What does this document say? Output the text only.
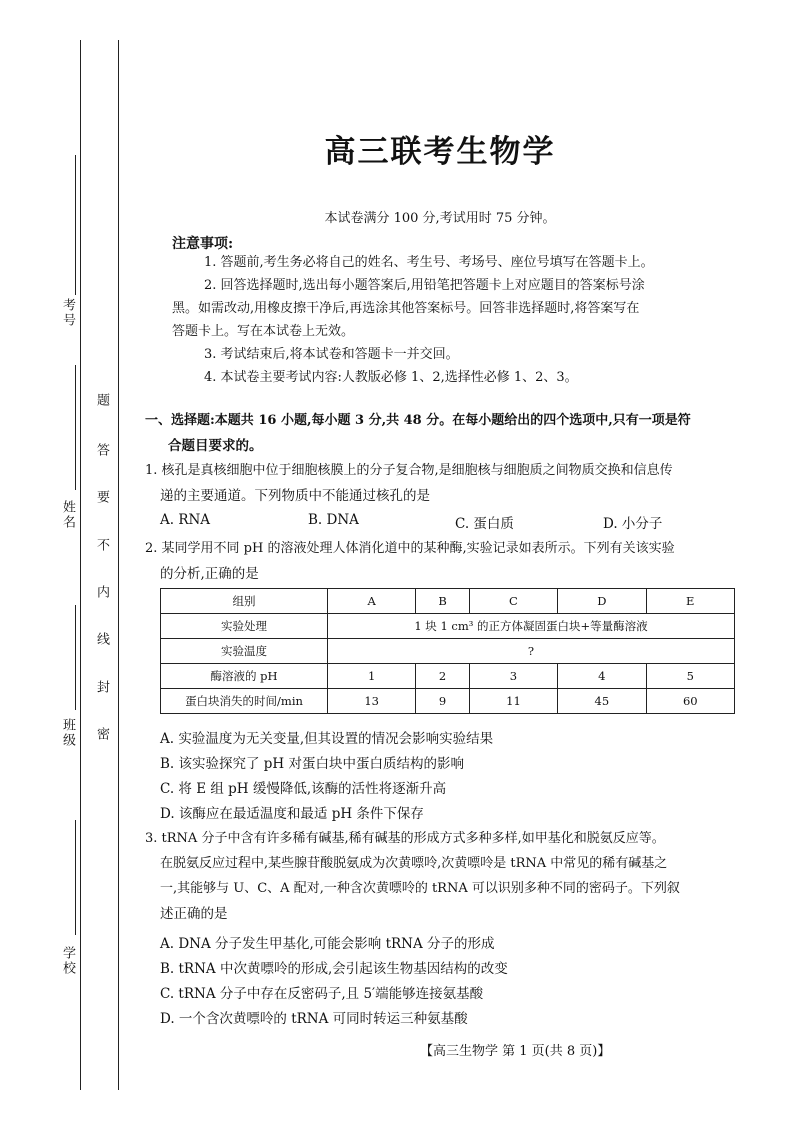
考号
姓名
班级
学校
题
答
要
不
内
线
封
密
高三联考生物学
本试卷满分 100 分,考试用时 75 分钟。
注意事项:
1. 答题前,考生务必将自己的姓名、考生号、考场号、座位号填写在答题卡上。
2. 回答选择题时,选出每小题答案后,用铅笔把答题卡上对应题目的答案标号涂
黑。如需改动,用橡皮擦干净后,再选涂其他答案标号。回答非选择题时,将答案写在
答题卡上。写在本试卷上无效。
3. 考试结束后,将本试卷和答题卡一并交回。
4. 本试卷主要考试内容:人教版必修 1、2,选择性必修 1、2、3。
一、选择题:本题共 16 小题,每小题 3 分,共 48 分。在每小题给出的四个选项中,只有一项是符
合题目要求的。
1. 核孔是真核细胞中位于细胞核膜上的分子复合物,是细胞核与细胞质之间物质交换和信息传
递的主要通道。下列物质中不能通过核孔的是
A. RNA	B. DNA	C. 蛋白质	D. 小分子
2. 某同学用不同 pH 的溶液处理人体消化道中的某种酶,实验记录如表所示。下列有关该实验
的分析,正确的是
组别	A	B	C	D	E
实验处理	1 块 1 cm³ 的正方体凝固蛋白块+等量酶溶液				
实验温度	?				
酶溶液的 pH	1	2	3	4	5
蛋白块消失的时间/min	13	9	11	45	60
A. 实验温度为无关变量,但其设置的情况会影响实验结果
B. 该实验探究了 pH 对蛋白块中蛋白质结构的影响
C. 将 E 组 pH 缓慢降低,该酶的活性将逐渐升高
D. 该酶应在最适温度和最适 pH 条件下保存
3. tRNA 分子中含有许多稀有碱基,稀有碱基的形成方式多种多样,如甲基化和脱氨反应等。
在脱氨反应过程中,某些腺苷酸脱氨成为次黄嘌呤,次黄嘌呤是 tRNA 中常见的稀有碱基之
一,其能够与 U、C、A 配对,一种含次黄嘌呤的 tRNA 可以识别多种不同的密码子。下列叙
述正确的是
A. DNA 分子发生甲基化,可能会影响 tRNA 分子的形成
B. tRNA 中次黄嘌呤的形成,会引起该生物基因结构的改变
C. tRNA 分子中存在反密码子,且 5′端能够连接氨基酸
D. 一个含次黄嘌呤的 tRNA 可同时转运三种氨基酸
【高三生物学 第 1 页(共 8 页)】
